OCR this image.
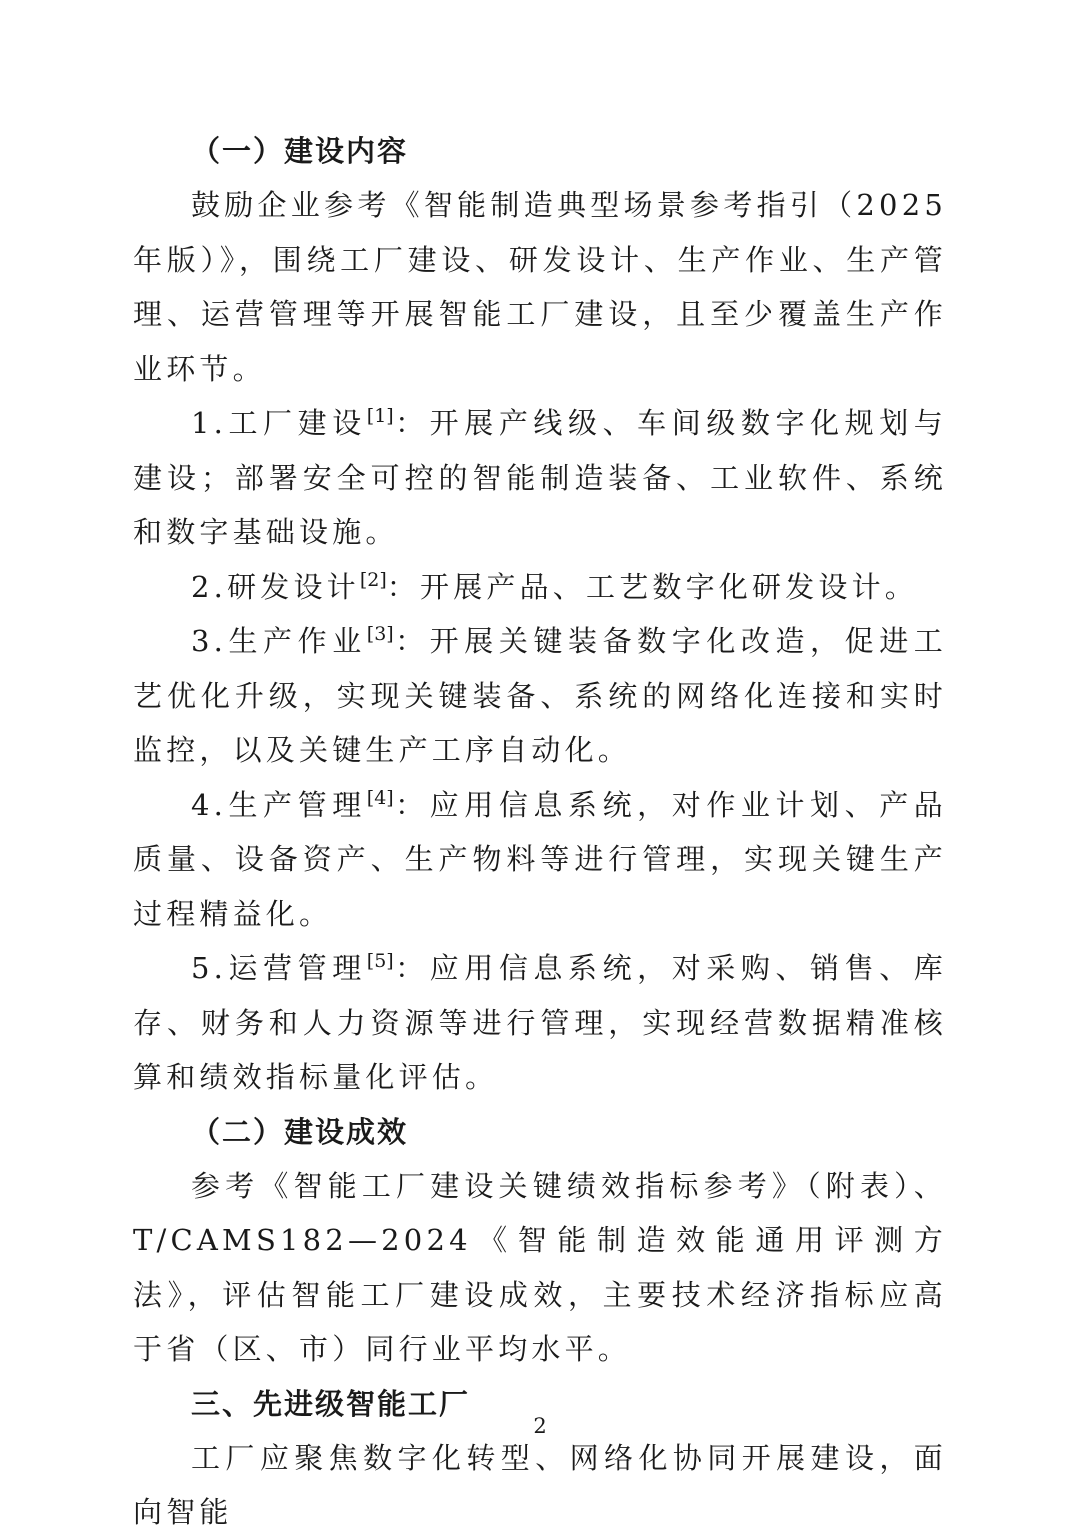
（一）建设内容

鼓励企业参考《智能制造典型场景参考指引（2025年版）》，围绕工厂建设、研发设计、生产作业、生产管理、运营管理等开展智能工厂建设，且至少覆盖生产作业环节。

1.工厂建设[1]：开展产线级、车间级数字化规划与建设；部署安全可控的智能制造装备、工业软件、系统和数字基础设施。

2.研发设计[2]：开展产品、工艺数字化研发设计。

3.生产作业[3]：开展关键装备数字化改造，促进工艺优化升级，实现关键装备、系统的网络化连接和实时监控，以及关键生产工序自动化。

4.生产管理[4]：应用信息系统，对作业计划、产品质量、设备资产、生产物料等进行管理，实现关键生产过程精益化。

5.运营管理[5]：应用信息系统，对采购、销售、库存、财务和人力资源等进行管理，实现经营数据精准核算和绩效指标量化评估。

（二）建设成效

参考《智能工厂建设关键绩效指标参考》（附表）、T/CAMS182—2024《智能制造效能通用评测方法》，评估智能工厂建设成效，主要技术经济指标应高于省（区、市）同行业平均水平。

三、先进级智能工厂

工厂应聚焦数字化转型、网络化协同开展建设，面向智能

2
